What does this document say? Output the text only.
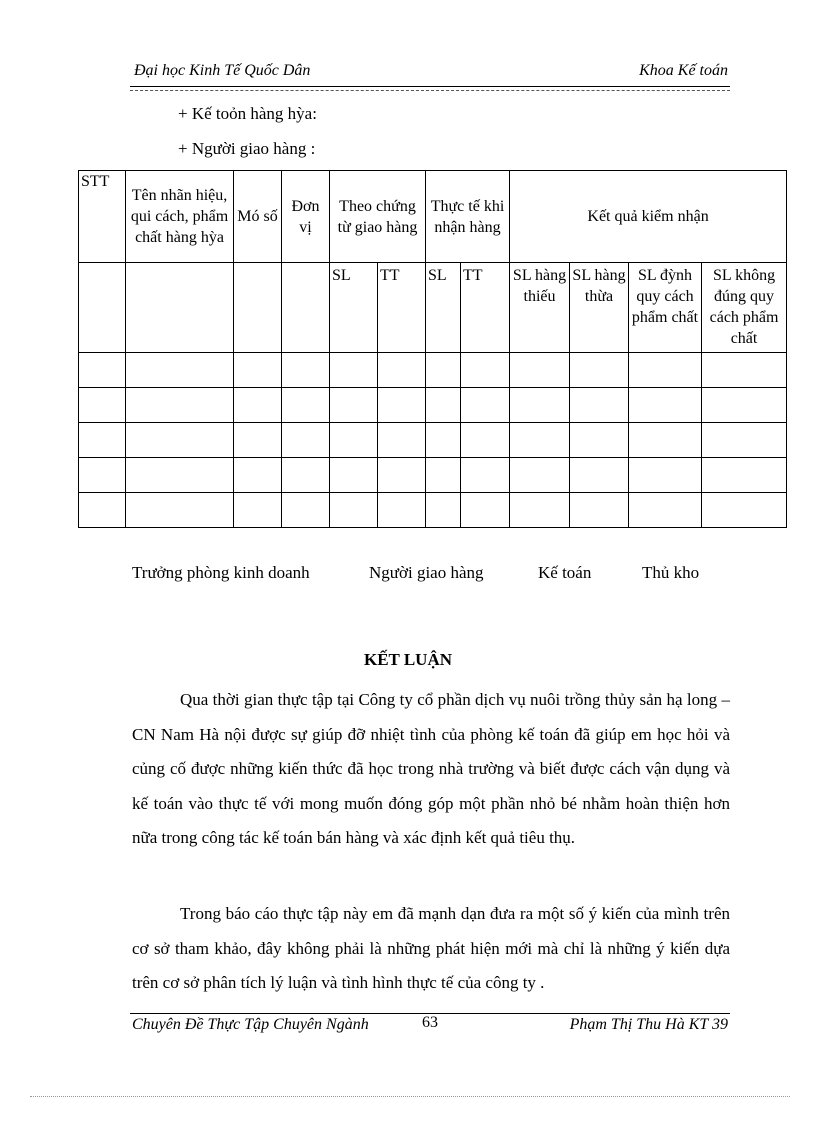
Đại học Kinh Tế Quốc Dân	Khoa Kế toán
+ Kế toỏn hàng hỳa:
+ Người giao hàng :
STT	Tên nhãn hiệu, qui cách, phẩm chất hàng hỳa	Mó số	Đơn vị	Theo chứng từ giao hàng		Thực tế khi nhận hàng		Kết quả kiểm nhận			
				SL	TT	SL	TT	SL hàng thiếu	SL hàng thừa	SL đỳnh quy cách phẩm chất	SL không đúng quy cách phẩm chất

Trưởng phòng kinh doanh	Người giao hàng	Kế toán	Thủ kho
KẾT LUẬN
Qua thời gian thực tập tại Công ty cổ phần dịch vụ nuôi trồng thủy sản hạ long – CN Nam Hà nội được sự giúp đỡ nhiệt tình của phòng kế toán đã giúp em học hỏi và củng cố được những kiến thức đã học trong nhà trường và biết được cách vận dụng và kế toán vào thực tế với mong muốn đóng góp một phần nhỏ bé nhằm hoàn thiện hơn nữa trong công tác kế toán bán hàng và xác định kết quả tiêu thụ.
Trong báo cáo thực tập này em đã mạnh dạn đưa ra một số ý kiến của mình trên cơ sở tham khảo, đây không phải là những phát hiện mới mà chỉ là những ý kiến dựa trên cơ sở phân tích lý luận và tình hình thực tế của công ty .
Chuyên Đề Thực Tập Chuyên Ngành	63	Phạm Thị Thu Hà KT 39
